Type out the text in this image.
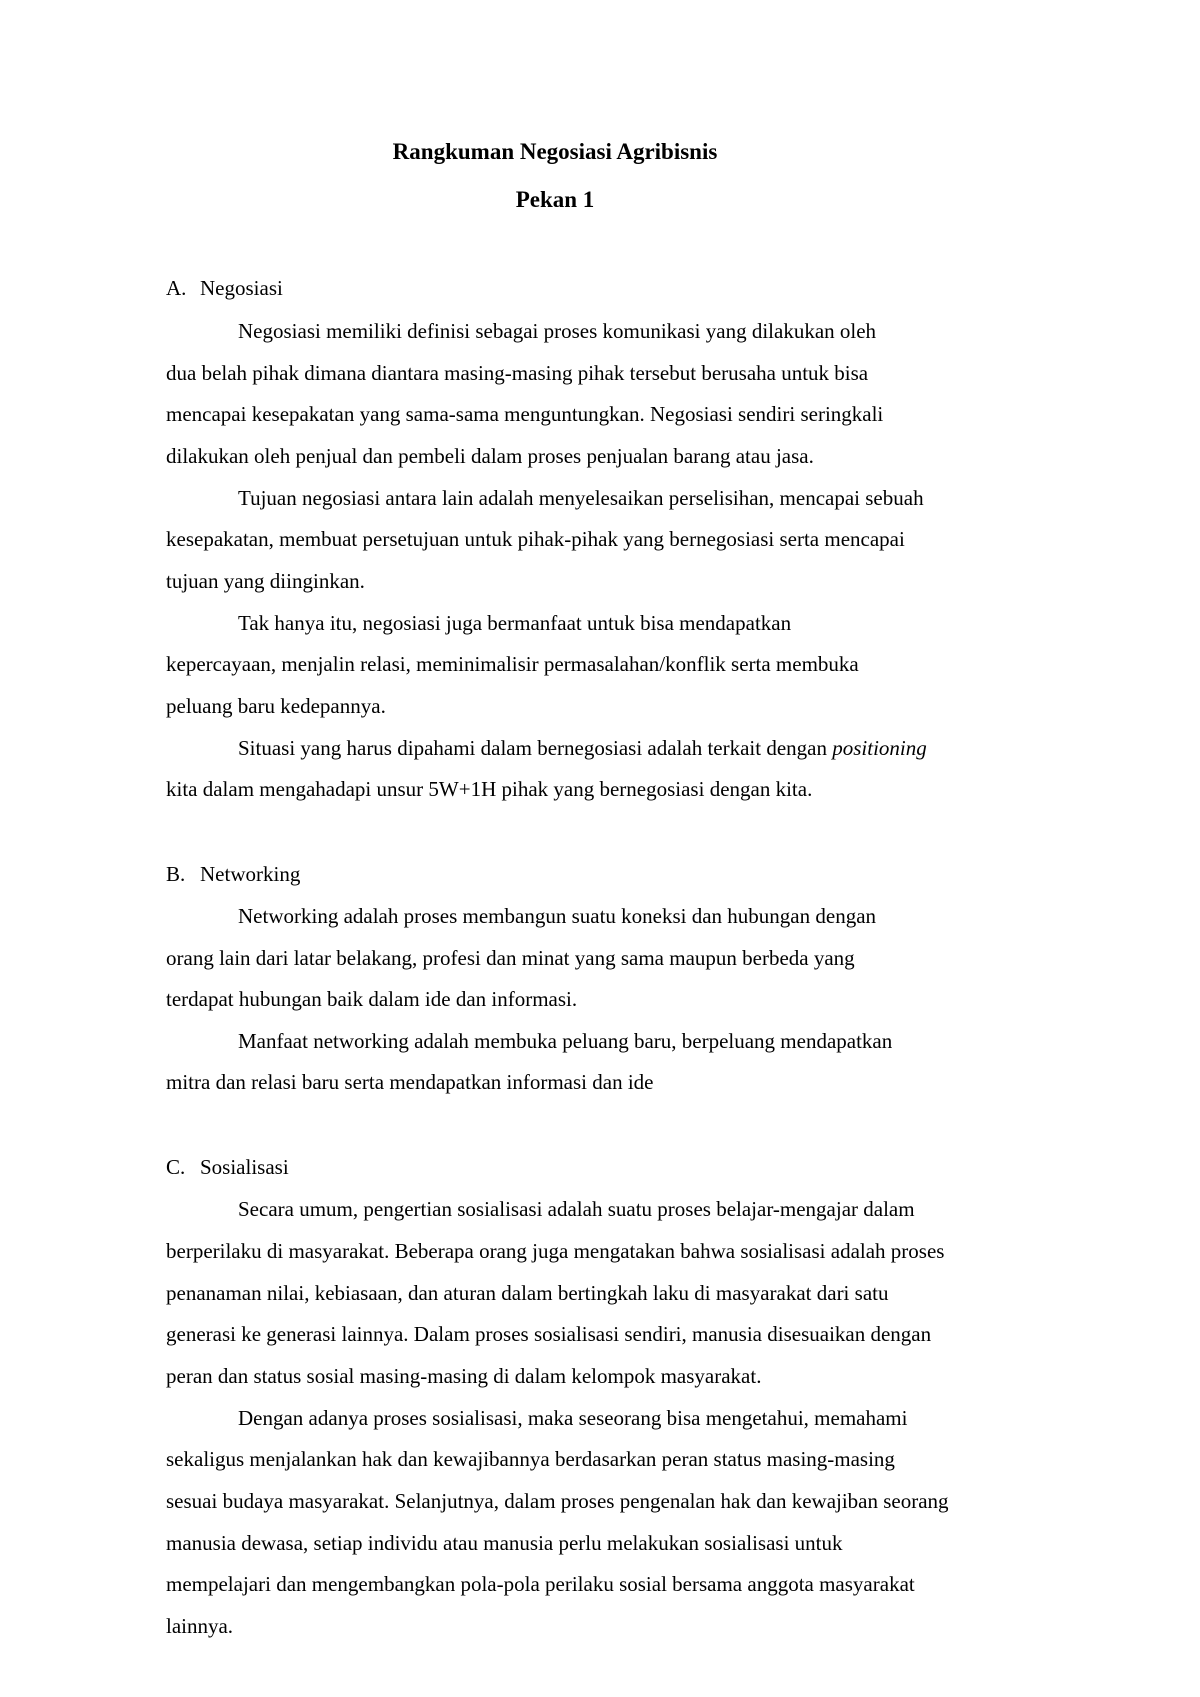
Rangkuman Negosiasi Agribisnis
Pekan 1
A. Negosiasi
Negosiasi memiliki definisi sebagai proses komunikasi yang dilakukan oleh
dua belah pihak dimana diantara masing-masing pihak tersebut berusaha untuk bisa
mencapai kesepakatan yang sama-sama menguntungkan. Negosiasi sendiri seringkali
dilakukan oleh penjual dan pembeli dalam proses penjualan barang atau jasa.
Tujuan negosiasi antara lain adalah menyelesaikan perselisihan, mencapai sebuah
kesepakatan, membuat persetujuan untuk pihak-pihak yang bernegosiasi serta mencapai
tujuan yang diinginkan.
Tak hanya itu, negosiasi juga bermanfaat untuk bisa mendapatkan
kepercayaan, menjalin relasi, meminimalisir permasalahan/konflik serta membuka
peluang baru kedepannya.
Situasi yang harus dipahami dalam bernegosiasi adalah terkait dengan positioning
kita dalam mengahadapi unsur 5W+1H pihak yang bernegosiasi dengan kita.
B. Networking
Networking adalah proses membangun suatu koneksi dan hubungan dengan
orang lain dari latar belakang, profesi dan minat yang sama maupun berbeda yang
terdapat hubungan baik dalam ide dan informasi.
Manfaat networking adalah membuka peluang baru, berpeluang mendapatkan
mitra dan relasi baru serta mendapatkan informasi dan ide
C. Sosialisasi
Secara umum, pengertian sosialisasi adalah suatu proses belajar-mengajar dalam
berperilaku di masyarakat. Beberapa orang juga mengatakan bahwa sosialisasi adalah proses
penanaman nilai, kebiasaan, dan aturan dalam bertingkah laku di masyarakat dari satu
generasi ke generasi lainnya. Dalam proses sosialisasi sendiri, manusia disesuaikan dengan
peran dan status sosial masing-masing di dalam kelompok masyarakat.
Dengan adanya proses sosialisasi, maka seseorang bisa mengetahui, memahami
sekaligus menjalankan hak dan kewajibannya berdasarkan peran status masing-masing
sesuai budaya masyarakat. Selanjutnya, dalam proses pengenalan hak dan kewajiban seorang
manusia dewasa, setiap individu atau manusia perlu melakukan sosialisasi untuk
mempelajari dan mengembangkan pola-pola perilaku sosial bersama anggota masyarakat
lainnya.
